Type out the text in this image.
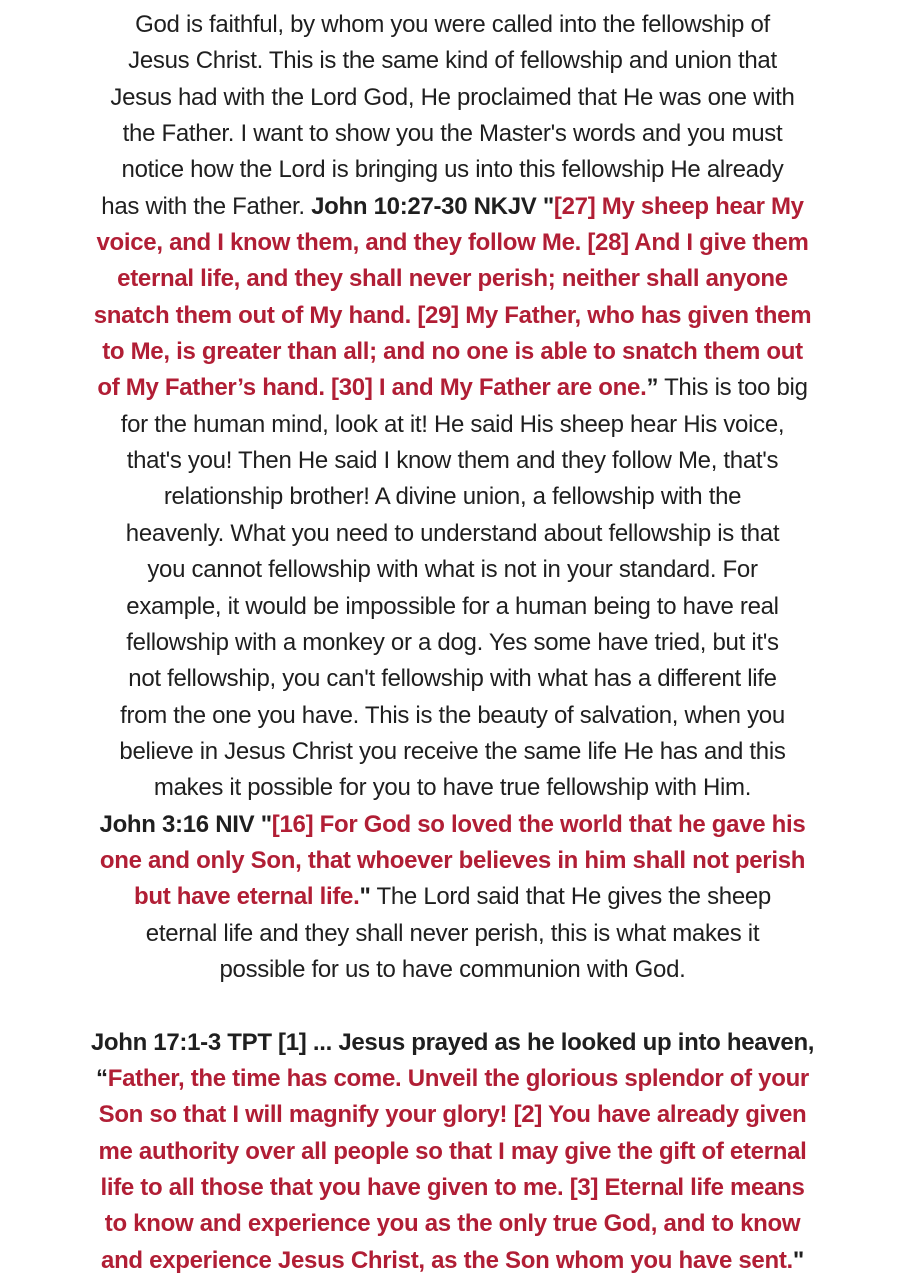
God is faithful, by whom you were called into the fellowship of
Jesus Christ. This is the same kind of fellowship and union that
Jesus had with the Lord God, He proclaimed that He was one with
the Father. I want to show you the Master's words and you must
notice how the Lord is bringing us into this fellowship He already
has with the Father. John 10:27-30 NKJV "[27] My sheep hear My
voice, and I know them, and they follow Me. [28] And I give them
eternal life, and they shall never perish; neither shall anyone
snatch them out of My hand. [29] My Father, who has given them
to Me, is greater than all; and no one is able to snatch them out
of My Father’s hand. [30] I and My Father are one.” This is too big
for the human mind, look at it! He said His sheep hear His voice,
that's you! Then He said I know them and they follow Me, that's
relationship brother! A divine union, a fellowship with the
heavenly. What you need to understand about fellowship is that
you cannot fellowship with what is not in your standard. For
example, it would be impossible for a human being to have real
fellowship with a monkey or a dog. Yes some have tried, but it's
not fellowship, you can't fellowship with what has a different life
from the one you have. This is the beauty of salvation, when you
believe in Jesus Christ you receive the same life He has and this
makes it possible for you to have true fellowship with Him.
John 3:16 NIV "[16] For God so loved the world that he gave his
one and only Son, that whoever believes in him shall not perish
but have eternal life." The Lord said that He gives the sheep
eternal life and they shall never perish, this is what makes it
possible for us to have communion with God.
John 17:1-3 TPT [1] ... Jesus prayed as he looked up into heaven,
“Father, the time has come. Unveil the glorious splendor of your
Son so that I will magnify your glory! [2] You have already given
me authority over all people so that I may give the gift of eternal
life to all those that you have given to me. [3] Eternal life means
to know and experience you as the only true God, and to know
and experience Jesus Christ, as the Son whom you have sent."
